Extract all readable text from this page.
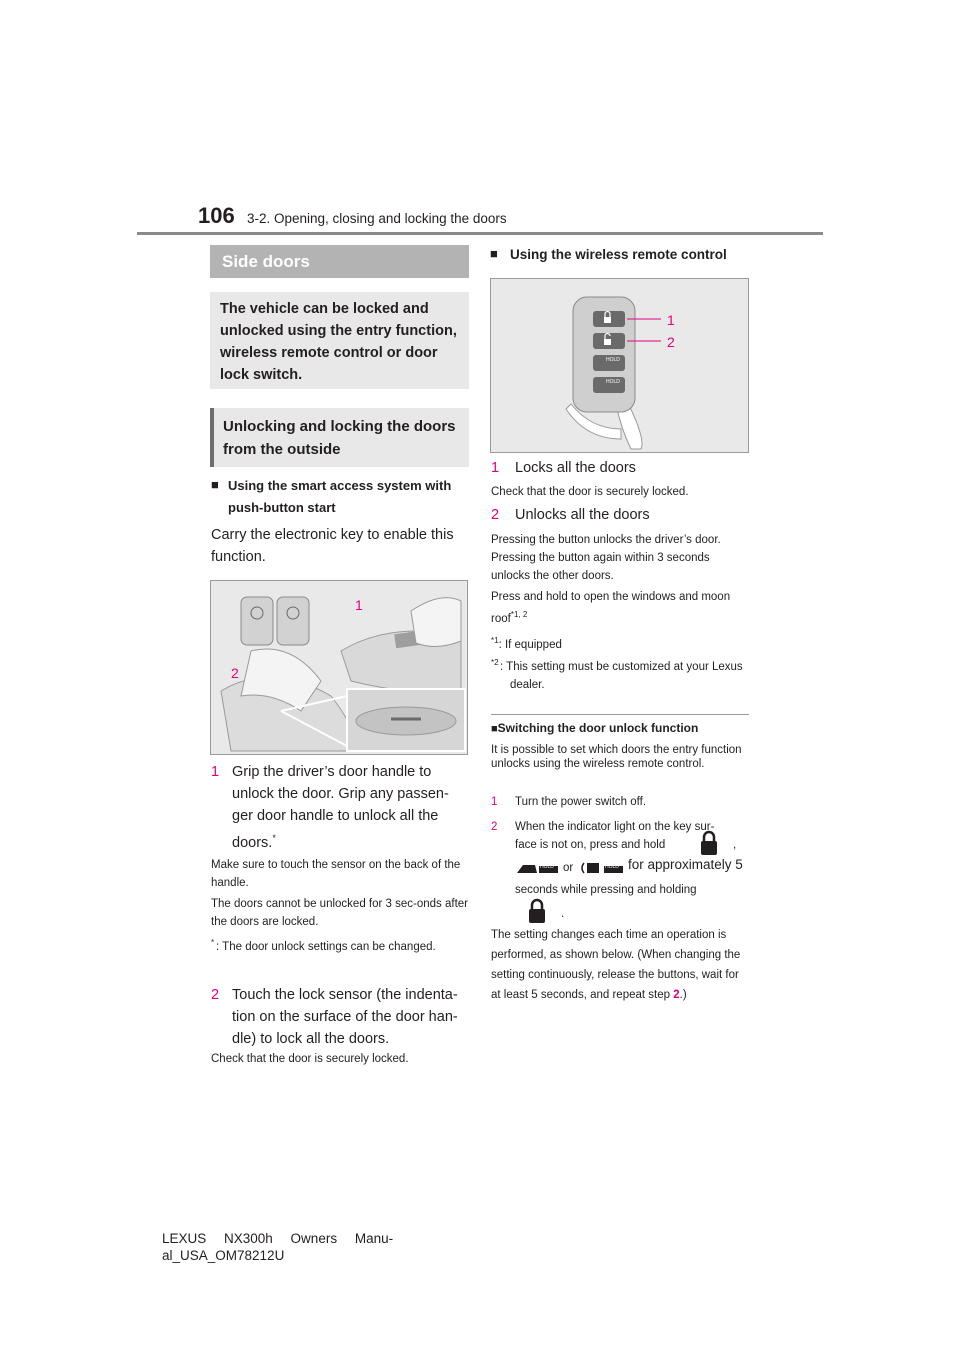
106 3-2. Opening, closing and locking the doors
Side doors
The vehicle can be locked and unlocked using the entry function, wireless remote control or door lock switch.
Unlocking and locking the doors from the outside
■ Using the smart access system with push-button start
Carry the electronic key to enable this function.
1
2
1 Grip the driver’s door handle to unlock the door. Grip any passen-ger door handle to unlock all the doors.*
Make sure to touch the sensor on the back of the handle.
The doors cannot be unlocked for 3 sec-onds after the doors are locked.
* : The door unlock settings can be changed.
2 Touch the lock sensor (the indenta-tion on the surface of the door han-dle) to lock all the doors.
Check that the door is securely locked.
■ Using the wireless remote control
HOLD
HOLD
1
2
1 Locks all the doors
Check that the door is securely locked.
2 Unlocks all the doors
Pressing the button unlocks the driver’s door. Pressing the button again within 3 seconds unlocks the other doors.
Press and hold to open the windows and moon roof$^{*1, 2}$
$^{*1}$: If equipped
*2 : This setting must be customized at your Lexus dealer.
■Switching the door unlock function
It is possible to set which doors the entry function unlocks using the wireless remote control.
1 Turn the power switch off.
2 When the indicator light on the key sur-face is not on, press and hold	,
HOLD or	HOLD for approximately 5
seconds while pressing and holding
.
The setting changes each time an operation is performed, as shown below. (When changing the setting continuously, release the buttons, wait for at least 5 seconds, and repeat step 2.)
LEXUS NX300h Owners Manu-
al_USA_OM78212U
